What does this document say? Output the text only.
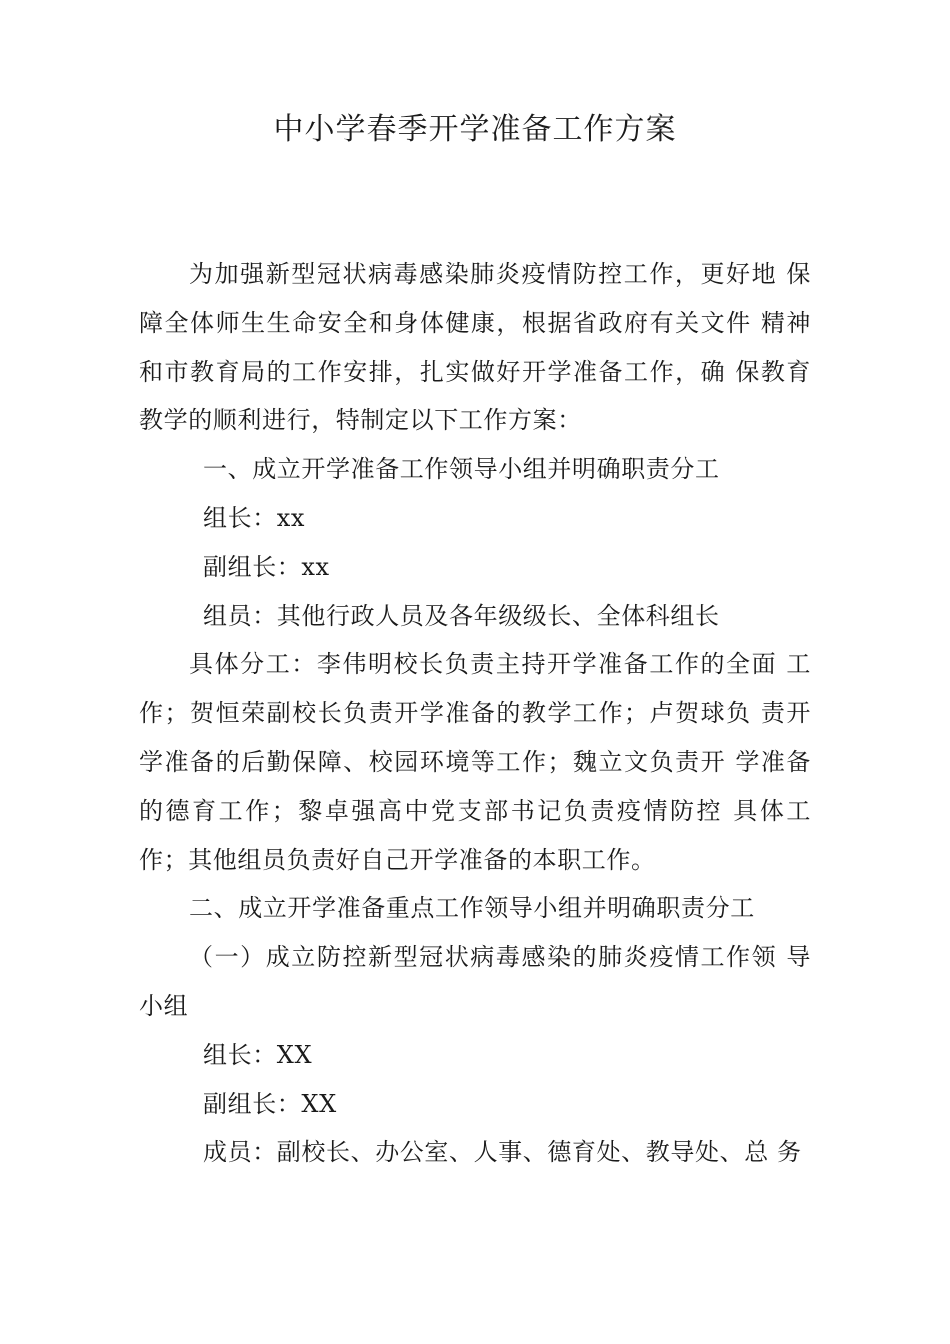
中小学春季开学准备工作方案

为加强新型冠状病毒感染肺炎疫情防控工作，更好地 保障全体师生生命安全和身体健康，根据省政府有关文件 精神和市教育局的工作安排，扎实做好开学准备工作，确 保教育教学的顺利进行，特制定以下工作方案：

一、成立开学准备工作领导小组并明确职责分工

组长：xx

副组长：xx

组员：其他行政人员及各年级级长、全体科组长

具体分工：李伟明校长负责主持开学准备工作的全面 工作；贺恒荣副校长负责开学准备的教学工作；卢贺球负 责开学准备的后勤保障、校园环境等工作；魏立文负责开 学准备的德育工作；黎卓强高中党支部书记负责疫情防控 具体工作；其他组员负责好自己开学准备的本职工作。

二、成立开学准备重点工作领导小组并明确职责分工

（一）成立防控新型冠状病毒感染的肺炎疫情工作领 导小组

组长：XX

副组长：XX

成员：副校长、办公室、人事、德育处、教导处、总 务
